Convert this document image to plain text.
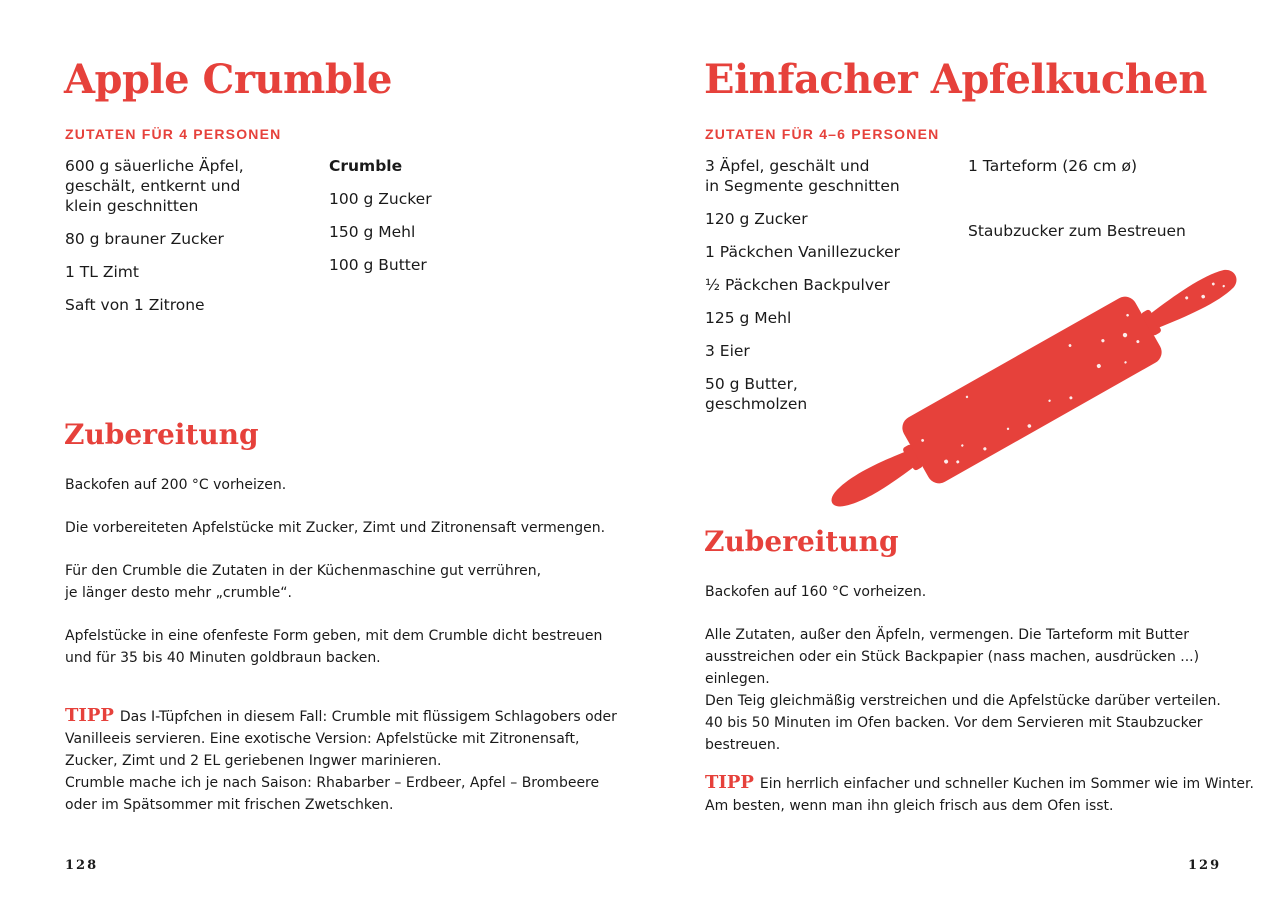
Apple Crumble
ZUTATEN FÜR 4 PERSONEN
600 g säuerliche Äpfel,
geschält, entkernt und
klein geschnitten
80 g brauner Zucker
1 TL Zimt
Saft von 1 Zitrone
Crumble
100 g Zucker
150 g Mehl
100 g Butter
Zubereitung

Backofen auf 200 °C vorheizen.

Die vorbereiteten Apfelstücke mit Zucker, Zimt und Zitronensaft vermengen.

Für den Crumble die Zutaten in der Küchenmaschine gut verrühren,
je länger desto mehr „crumble“.

Apfelstücke in eine ofenfeste Form geben, mit dem Crumble dicht bestreuen
und für 35 bis 40 Minuten goldbraun backen.

TIPP Das I-Tüpfchen in diesem Fall: Crumble mit flüssigem Schlagobers oder
Vanilleeis servieren. Eine exotische Version: Apfelstücke mit Zitronensaft,
Zucker, Zimt und 2 EL geriebenen Ingwer marinieren.
Crumble mache ich je nach Saison: Rhabarber – Erdbeer, Apfel – Brombeere
oder im Spätsommer mit frischen Zwetschken.

128
Einfacher Apfelkuchen
ZUTATEN FÜR 4–6 PERSONEN
3 Äpfel, geschält und
in Segmente geschnitten
120 g Zucker
1 Päckchen Vanillezucker
½ Päckchen Backpulver
125 g Mehl
3 Eier
50 g Butter,
geschmolzen
1 Tarteform (26 cm ø)
Staubzucker zum Bestreuen
Zubereitung

Backofen auf 160 °C vorheizen.

Alle Zutaten, außer den Äpfeln, vermengen. Die Tarteform mit Butter
ausstreichen oder ein Stück Backpapier (nass machen, ausdrücken ...) einlegen.
Den Teig gleichmäßig verstreichen und die Apfelstücke darüber verteilen.
40 bis 50 Minuten im Ofen backen. Vor dem Servieren mit Staubzucker
bestreuen.

TIPP Ein herrlich einfacher und schneller Kuchen im Sommer wie im Winter.
Am besten, wenn man ihn gleich frisch aus dem Ofen isst.

129
